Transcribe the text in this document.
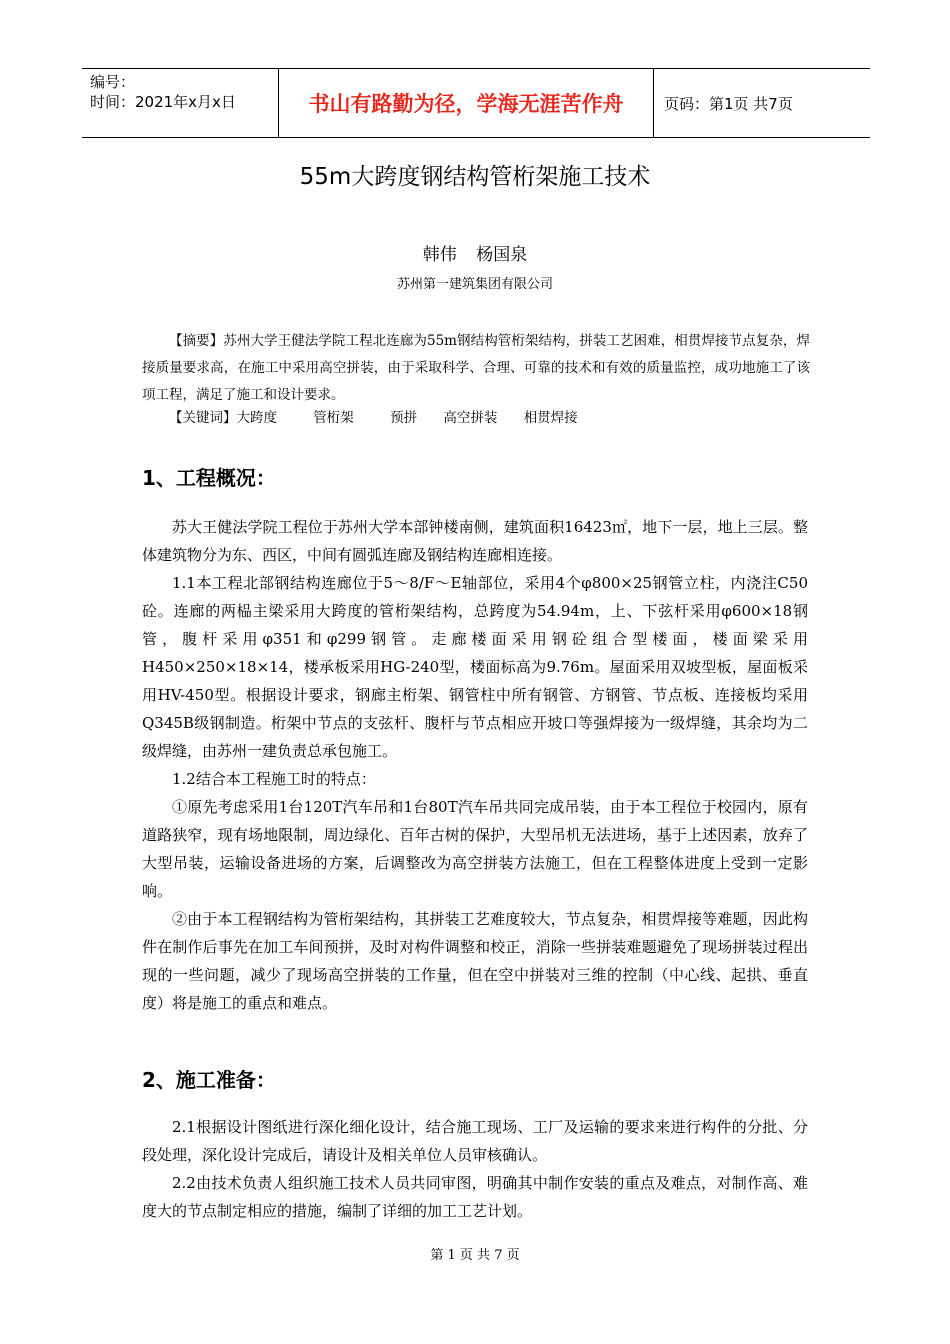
编号：
时间：2021年x月x日	书山有路勤为径，学海无涯苦作舟	页码：第1页 共7页
55m大跨度钢结构管桁架施工技术
韩伟 杨国泉
苏州第一建筑集团有限公司

【摘要】苏州大学王健法学院工程北连廊为55m钢结构管桁架结构，拼装工艺困难，相贯焊接节点复杂，焊接质量要求高，在施工中采用高空拼装，由于采取科学、合理、可靠的技术和有效的质量监控，成功地施工了该项工程，满足了施工和设计要求。

【关键词】大跨度	管桁架	预拼 高空拼装 相贯焊接

1、工程概况：

苏大王健法学院工程位于苏州大学本部钟楼南侧，建筑面积16423㎡，地下一层，地上三层。整体建筑物分为东、西区，中间有圆弧连廊及钢结构连廊相连接。

1.1本工程北部钢结构连廊位于5～8/F～E轴部位，采用4个φ800×25钢管立柱，内浇注C50砼。连廊的两榀主梁采用大跨度的管桁架结构，总跨度为54.94m，上、下弦杆采用φ600×18钢管，腹杆采用φ351和φ299钢管。走廊楼面采用钢砼组合型楼面，楼面梁采用H450×250×18×14，楼承板采用HG-240型，楼面标高为9.76m。屋面采用双坡型板，屋面板采用HV-450型。根据设计要求，钢廊主桁架、钢管柱中所有钢管、方钢管、节点板、连接板均采用Q345B级钢制造。桁架中节点的支弦杆、腹杆与节点相应开坡口等强焊接为一级焊缝，其余均为二级焊缝，由苏州一建负责总承包施工。

1.2结合本工程施工时的特点：

①原先考虑采用1台120T汽车吊和1台80T汽车吊共同完成吊装，由于本工程位于校园内，原有道路狭窄，现有场地限制，周边绿化、百年古树的保护，大型吊机无法进场，基于上述因素，放弃了大型吊装，运输设备进场的方案，后调整改为高空拼装方法施工，但在工程整体进度上受到一定影响。

②由于本工程钢结构为管桁架结构，其拼装工艺难度较大，节点复杂，相贯焊接等难题，因此构件在制作后事先在加工车间预拼，及时对构件调整和校正，消除一些拼装难题避免了现场拼装过程出现的一些问题，减少了现场高空拼装的工作量，但在空中拼装对三维的控制（中心线、起拱、垂直度）将是施工的重点和难点。

2、施工准备：

2.1根据设计图纸进行深化细化设计，结合施工现场、工厂及运输的要求来进行构件的分批、分段处理，深化设计完成后，请设计及相关单位人员审核确认。

2.2由技术负责人组织施工技术人员共同审图，明确其中制作安装的重点及难点，对制作高、难度大的节点制定相应的措施，编制了详细的加工工艺计划。

第 1 页 共 7 页
